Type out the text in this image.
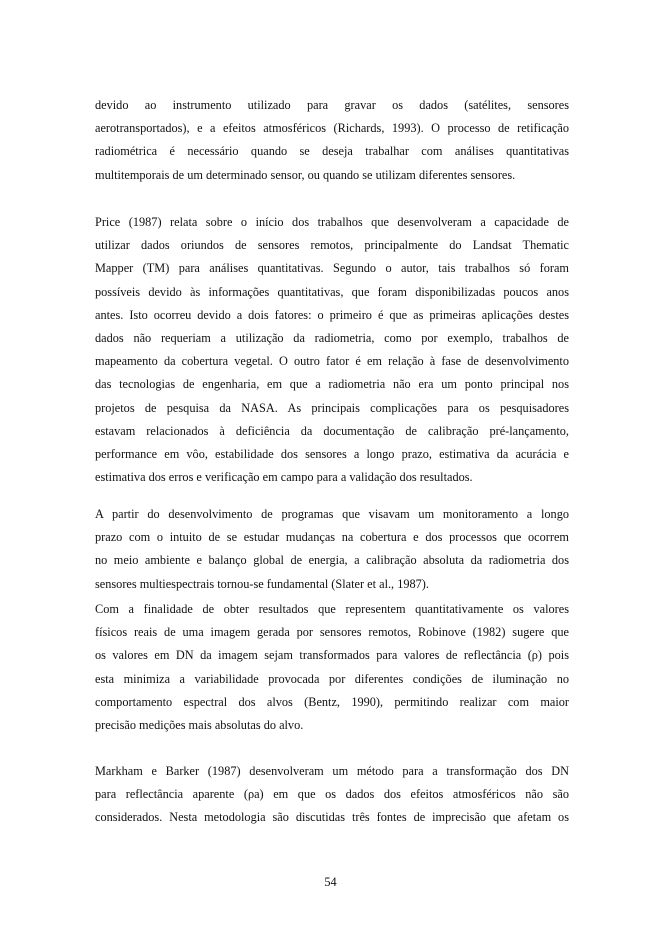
devido ao instrumento utilizado para gravar os dados (satélites, sensores
aerotransportados), e a efeitos atmosféricos (Richards, 1993). O processo de retificação
radiométrica é necessário quando se deseja trabalhar com análises quantitativas
multitemporais de um determinado sensor, ou quando se utilizam diferentes sensores.
Price (1987) relata sobre o início dos trabalhos que desenvolveram a capacidade de
utilizar dados oriundos de sensores remotos, principalmente do Landsat Thematic
Mapper (TM) para análises quantitativas. Segundo o autor, tais trabalhos só foram
possíveis devido às informações quantitativas, que foram disponibilizadas poucos anos
antes. Isto ocorreu devido a dois fatores: o primeiro é que as primeiras aplicações destes
dados não requeriam a utilização da radiometria, como por exemplo, trabalhos de
mapeamento da cobertura vegetal. O outro fator é em relação à fase de desenvolvimento
das tecnologias de engenharia, em que a radiometria não era um ponto principal nos
projetos de pesquisa da NASA. As principais complicações para os pesquisadores
estavam relacionados à deficiência da documentação de calibração pré-lançamento,
performance em vôo, estabilidade dos sensores a longo prazo, estimativa da acurácia e
estimativa dos erros e verificação em campo para a validação dos resultados.
A partir do desenvolvimento de programas que visavam um monitoramento a longo
prazo com o intuito de se estudar mudanças na cobertura e dos processos que ocorrem
no meio ambiente e balanço global de energia, a calibração absoluta da radiometria dos
sensores multiespectrais tornou-se fundamental (Slater et al., 1987).
Com a finalidade de obter resultados que representem quantitativamente os valores
físicos reais de uma imagem gerada por sensores remotos, Robinove (1982) sugere que
os valores em DN da imagem sejam transformados para valores de reflectância (ρ) pois
esta minimiza a variabilidade provocada por diferentes condições de iluminação no
comportamento espectral dos alvos (Bentz, 1990), permitindo realizar com maior
precisão medições mais absolutas do alvo.
Markham e Barker (1987) desenvolveram um método para a transformação dos DN
para reflectância aparente (ρa) em que os dados dos efeitos atmosféricos não são
considerados. Nesta metodologia são discutidas três fontes de imprecisão que afetam os
54
